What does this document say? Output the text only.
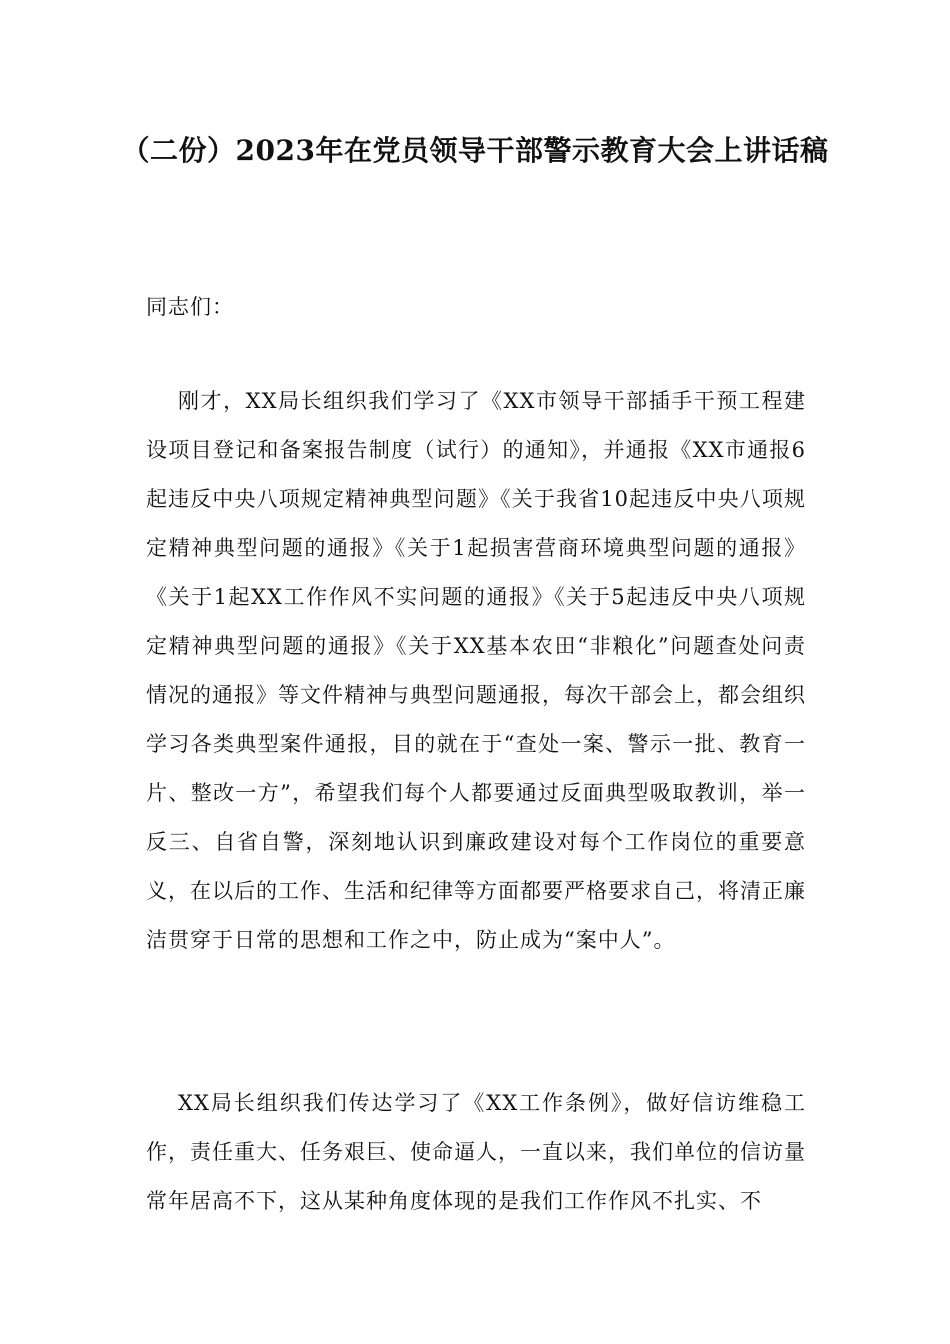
（二份）2023年在党员领导干部警示教育大会上讲话稿

同志们：

刚才，XX局长组织我们学习了《XX市领导干部插手干预工程建设项目登记和备案报告制度（试行）的通知》，并通报《XX市通报6起违反中央八项规定精神典型问题》《关于我省10起违反中央八项规定精神典型问题的通报》《关于1起损害营商环境典型问题的通报》《关于1起XX工作作风不实问题的通报》《关于5起违反中央八项规定精神典型问题的通报》《关于XX基本农田“非粮化”问题查处问责情况的通报》等文件精神与典型问题通报，每次干部会上，都会组织学习各类典型案件通报，目的就在于“查处一案、警示一批、教育一片、整改一方”，希望我们每个人都要通过反面典型吸取教训，举一反三、自省自警，深刻地认识到廉政建设对每个工作岗位的重要意义，在以后的工作、生活和纪律等方面都要严格要求自己，将清正廉洁贯穿于日常的思想和工作之中，防止成为“案中人”。

XX局长组织我们传达学习了《XX工作条例》，做好信访维稳工作，责任重大、任务艰巨、使命逼人，一直以来，我们单位的信访量常年居高不下，这从某种角度体现的是我们工作作风不扎实、不
